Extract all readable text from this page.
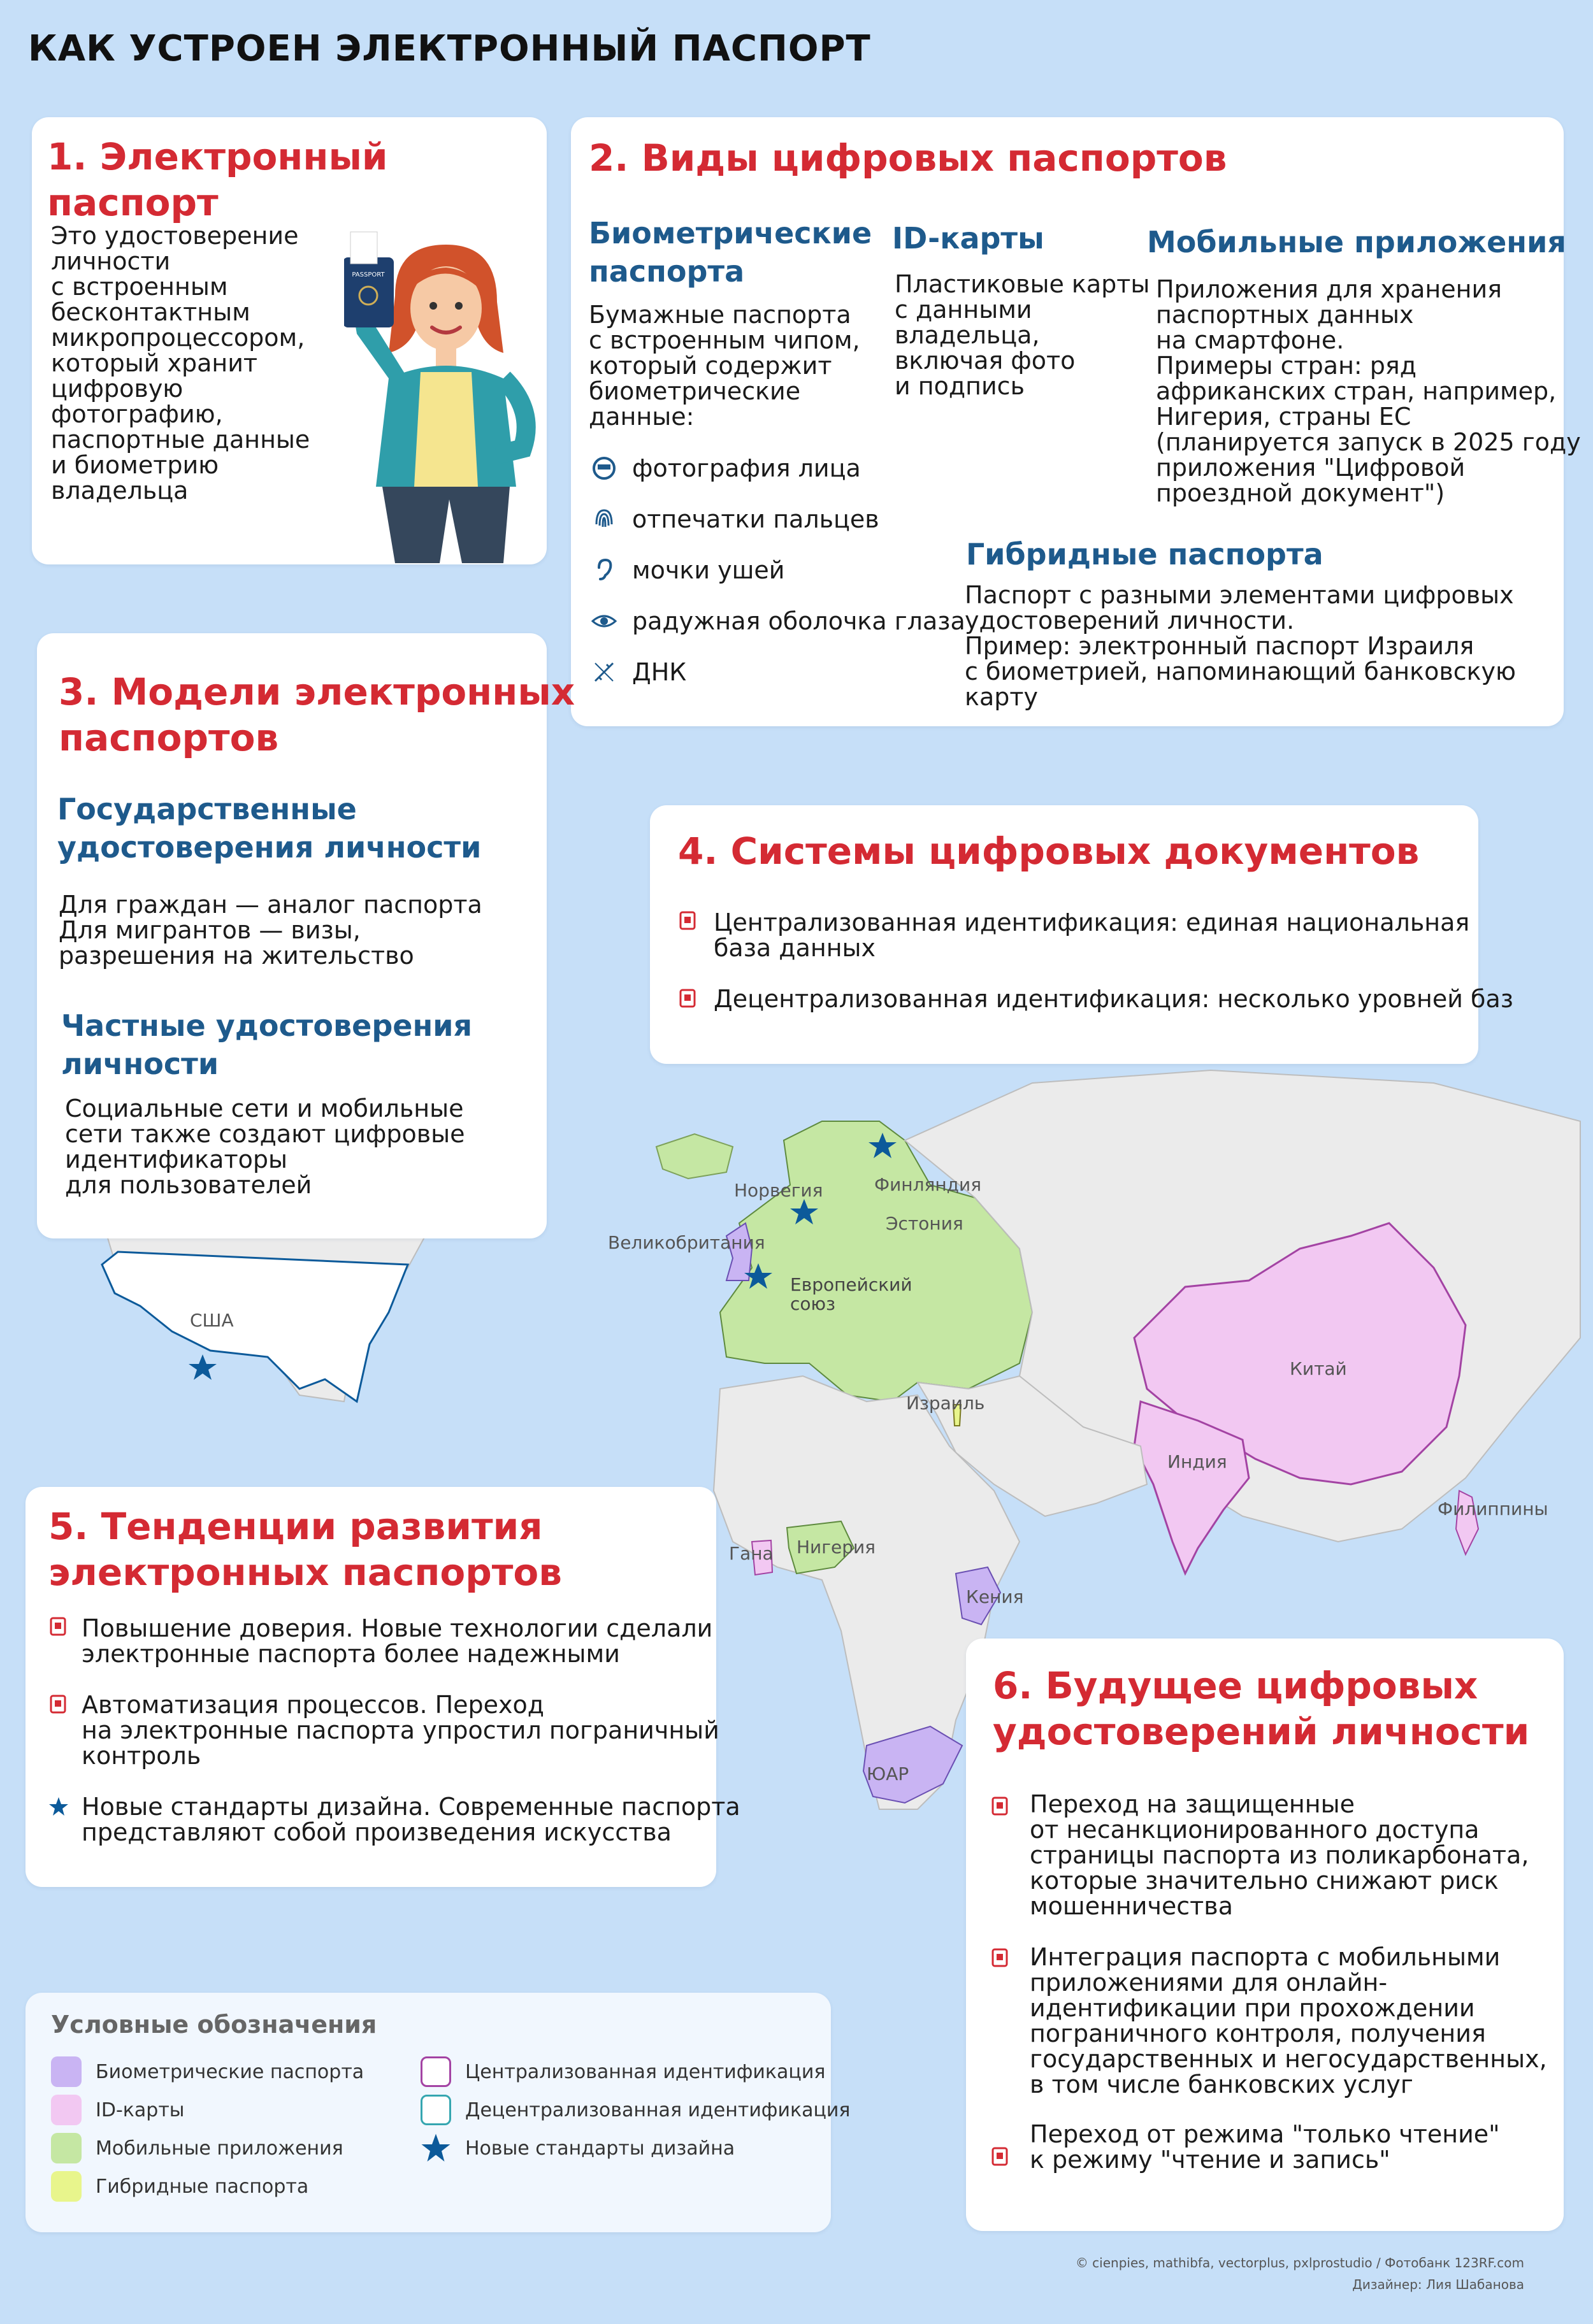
США
Норвегия	Финляндия
Эстония
Великобритания
Европейский
союз
Израиль
Китай
Индия
Филиппины
Гана Нигерия
Кения
ЮАР
КАК УСТРОЕН ЭЛЕКТРОННЫЙ ПАСПОРТ
1. Электронный паспорт
Это удостоверение
личности
с встроенным
бесконтактным
микропроцессором,
который хранит
цифровую
фотографию,
паспортные данные
и биометрию
владельца
PASSPORT
2. Виды цифровых паспортов
Биометрические
паспорта
Бумажные паспорта
с встроенным чипом,
который содержит
биометрические
данные:
фотография лица
отпечатки пальцев
мочки ушей
радужная оболочка глаза
ДНК
ID-карты
Пластиковые карты
с данными
владельца,
включая фото
и подпись
Мобильные приложения
Приложения для хранения
паспортных данных
на смартфоне.
Примеры стран: ряд
африканских стран, например,
Нигерия, страны ЕС
(планируется запуск в 2025 году
приложения "Цифровой
проездной документ")
Гибридные паспорта
Паспорт с разными элементами цифровых
удостоверений личности.
Пример: электронный паспорт Израиля
с биометрией, напоминающий банковскую карту
3. Модели электронных
паспортов
Государственные
удостоверения личности
Для граждан — аналог паспорта
Для мигрантов — визы,
разрешения на жительство
Частные удостоверения
личности
Социальные сети и мобильные
сети также создают цифровые
идентификаторы
для пользователей
4. Системы цифровых документов
Централизованная идентификация: единая национальная
база данных
Децентрализованная идентификация: несколько уровней баз
5. Тенденции развития
электронных паспортов
Повышение доверия. Новые технологии сделали
электронные паспорта более надежными
Автоматизация процессов. Переход
на электронные паспорта упростил пограничный
контроль
Новые стандарты дизайна. Современные паспорта
представляют собой произведения искусства
6. Будущее цифровых
удостоверений личности
Переход на защищенные
от несанкционированного доступа
страницы паспорта из поликарбоната,
которые значительно снижают риск
мошенничества
Интеграция паспорта с мобильными
приложениями для онлайн-
идентификации при прохождении
пограничного контроля, получения
государственных и негосударственных,
в том числе банковских услуг
Переход от режима "только чтение"
к режиму "чтение и запись"
Условные обозначения
Биометрические паспорта
ID-карты
Мобильные приложения
Гибридные паспорта
Централизованная идентификация
Децентрализованная идентификация
Новые стандарты дизайна
© cienpies, mathibfa, vectorplus, pxlprostudio / Фотобанк 123RF.com
Дизайнер: Лия Шабанова
